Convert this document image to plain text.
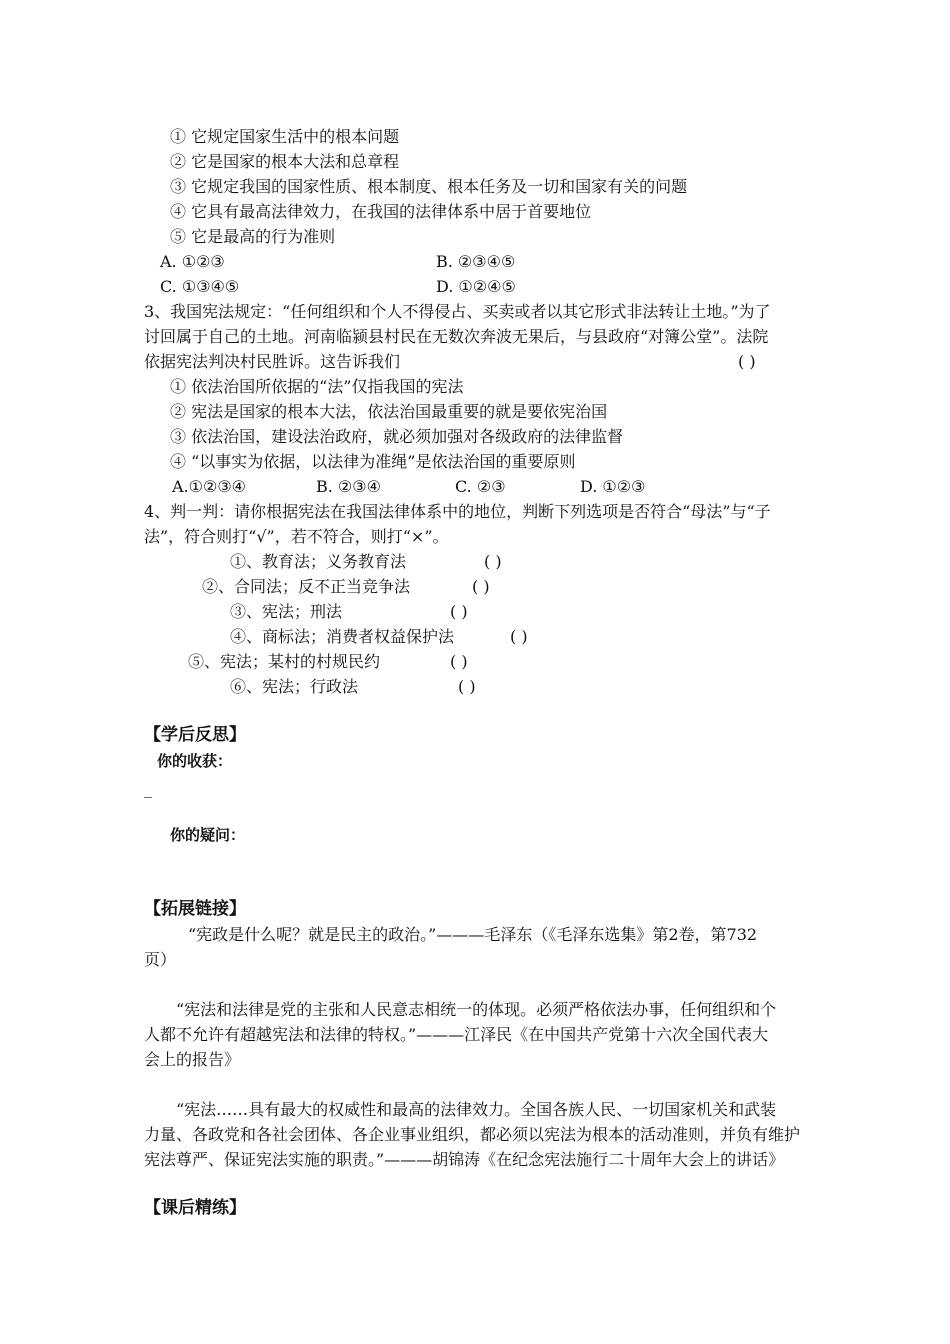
① 它规定国家生活中的根本问题
② 它是国家的根本大法和总章程
③ 它规定我国的国家性质、根本制度、根本任务及一切和国家有关的问题
④ 它具有最高法律效力，在我国的法律体系中居于首要地位
⑤ 它是最高的行为准则
A. ①②③	B. ②③④⑤
C. ①③④⑤	D. ①②④⑤
3、我国宪法规定：“任何组织和个人不得侵占、买卖或者以其它形式非法转让土地。”为了
讨回属于自己的土地。河南临颍县村民在无数次奔波无果后，与县政府“对簿公堂”。法院
依据宪法判决村民胜诉。这告诉我们	( )
① 依法治国所依据的“法”仅指我国的宪法
② 宪法是国家的根本大法，依法治国最重要的就是要依宪治国
③ 依法治国，建设法治政府，就必须加强对各级政府的法律监督
④ “以事实为依据，以法律为准绳”是依法治国的重要原则
A.①②③④	B. ②③④	C. ②③	D. ①②③
4、判一判：请你根据宪法在我国法律体系中的地位，判断下列选项是否符合“母法”与“子
法”，符合则打“√”，若不符合，则打“×”。
①、教育法；义务教育法	( )
②、合同法；反不正当竞争法	( )
③、宪法；刑法	( )
④、商标法；消费者权益保护法	( )
⑤、宪法；某村的村规民约	( )
⑥、宪法；行政法	( )
【学后反思】
你的收获：
_
你的疑问：
【拓展链接】
“宪政是什么呢？就是民主的政治。”———毛泽东（《毛泽东选集》第2卷，第732
页）
“宪法和法律是党的主张和人民意志相统一的体现。必须严格依法办事，任何组织和个
人都不允许有超越宪法和法律的特权。”———江泽民《在中国共产党第十六次全国代表大
会上的报告》
“宪法……具有最大的权威性和最高的法律效力。全国各族人民、一切国家机关和武装
力量、各政党和各社会团体、各企业事业组织，都必须以宪法为根本的活动准则，并负有维护
宪法尊严、保证宪法实施的职责。”———胡锦涛《在纪念宪法施行二十周年大会上的讲话》
【课后精练】
